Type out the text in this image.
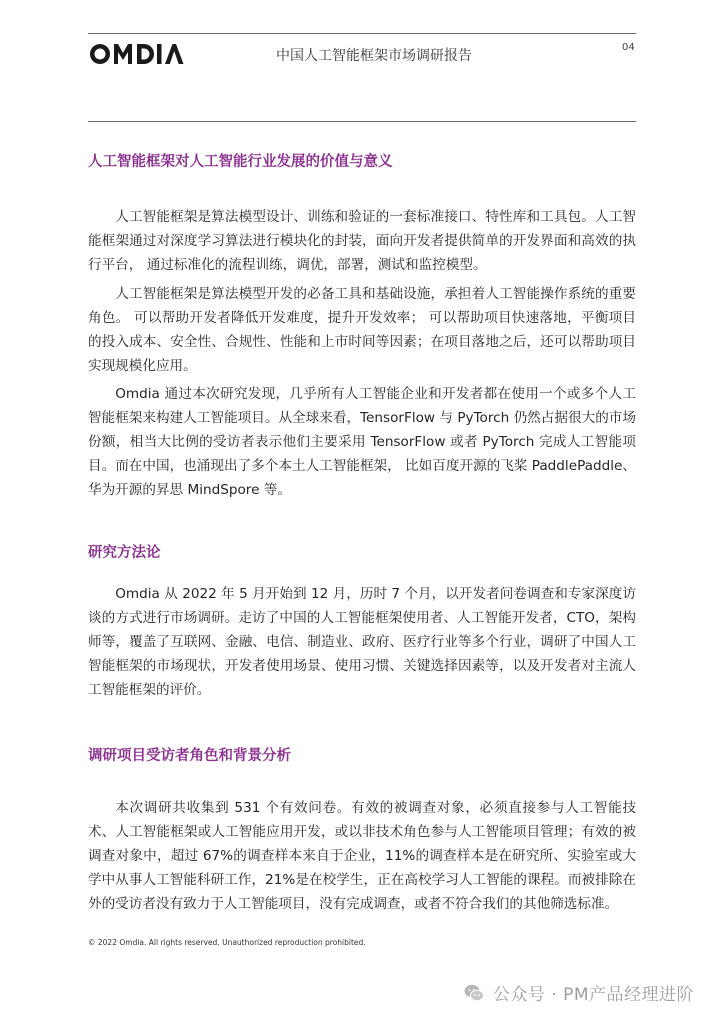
中国人工智能框架市场调研报告
04
人工智能框架对人工智能行业发展的价值与意义

人工智能框架是算法模型设计、训练和验证的一套标准接口、特性库和工具包。人工智能框架通过对深度学习算法进行模块化的封装，面向开发者提供简单的开发界面和高效的执行平台， 通过标准化的流程训练，调优，部署，测试和监控模型。

人工智能框架是算法模型开发的必备工具和基础设施，承担着人工智能操作系统的重要角色。 可以帮助开发者降低开发难度，提升开发效率； 可以帮助项目快速落地，平衡项目的投入成本、安全性、合规性、性能和上市时间等因素；在项目落地之后，还可以帮助项目实现规模化应用。

Omdia 通过本次研究发现，几乎所有人工智能企业和开发者都在使用一个或多个人工智能框架来构建人工智能项目。从全球来看，TensorFlow 与 PyTorch 仍然占据很大的市场份额，相当大比例的受访者表示他们主要采用 TensorFlow 或者 PyTorch 完成人工智能项目。而在中国，也涌现出了多个本土人工智能框架， 比如百度开源的飞桨 PaddlePaddle、华为开源的昇思 MindSpore 等。

研究方法论

Omdia 从 2022 年 5 月开始到 12 月，历时 7 个月，以开发者问卷调查和专家深度访谈的方式进行市场调研。走访了中国的人工智能框架使用者、人工智能开发者，CTO，架构师等，覆盖了互联网、金融、电信、制造业、政府、医疗行业等多个行业，调研了中国人工智能框架的市场现状，开发者使用场景、使用习惯、关键选择因素等，以及开发者对主流人工智能框架的评价。

调研项目受访者角色和背景分析

本次调研共收集到 531 个有效问卷。有效的被调查对象，必须直接参与人工智能技术、人工智能框架或人工智能应用开发，或以非技术角色参与人工智能项目管理；有效的被调查对象中，超过 67%的调查样本来自于企业，11%的调查样本是在研究所、实验室或大学中从事人工智能科研工作，21%是在校学生，正在高校学习人工智能的课程。而被排除在外的受访者没有致力于人工智能项目，没有完成调查，或者不符合我们的其他筛选标准。

© 2022 Omdia. All rights reserved. Unauthorized reproduction prohibited.
公众号 · PM产品经理进阶
